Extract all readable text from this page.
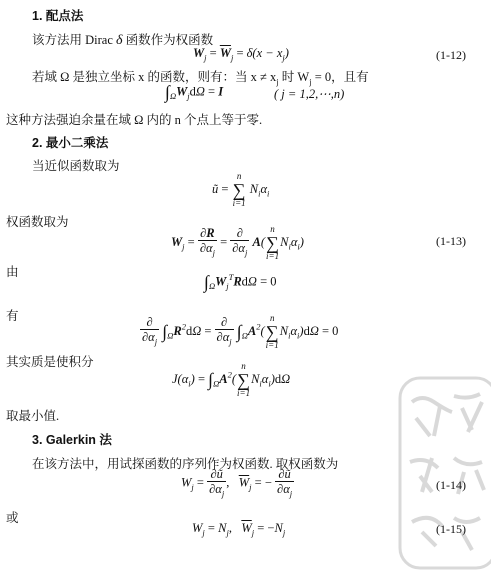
1. 配点法
该方法用 Dirac δ 函数作为权函数
$W_j = \overline{W}_j = \delta(x - x_j)$	(1-12)
若域 Ω 是独立坐标 x 的函数，则有：当 $x \ne x_j$ 时 $W_j = 0$，且有
$\int_\Omega W_jd\Omega = I$	( j = 1,2,⋯,n)
这种方法强迫余量在域 Ω 内的 n 个点上等于零.
2. 最小二乘法
当近似函数取为
ũ =
n
∑
i=1
$N_i\alpha_i$
权函数取为
$W_j = \frac{\partial R}{\partial\alpha_j} = \frac{\partial}{\partial\alpha_j} A$(
n
∑
i=1
$N_i\alpha_i$)	(1-13)
由	$\int_\Omega W_j^TRd\Omega = 0$
有	$\frac{\partial}{\partial\alpha_j} \int_\Omega R^2d\Omega = \frac{\partial}{\partial\alpha_j} \int_\Omega A^2$(
n
∑
i=1
$N_i\alpha_i)d\Omega = 0$
其实质是使积分
$J(\alpha_i) = \int_\Omega A^2$(
n
∑
i=1
$N_i\alpha_i)d\Omega$
取最小值.
3. Galerkin 法
在该方法中，用试探函数的序列作为权函数. 取权函数为
$W_j = \frac{\partial ũ}{\partial\alpha_j}$ , $\overline{W}_j$ = − $\frac{\partial ũ}{\partial\alpha_j}$	(1-14)
或
$W_j = N_j$, $\overline{W}_j = -N_j$	(1-15)
